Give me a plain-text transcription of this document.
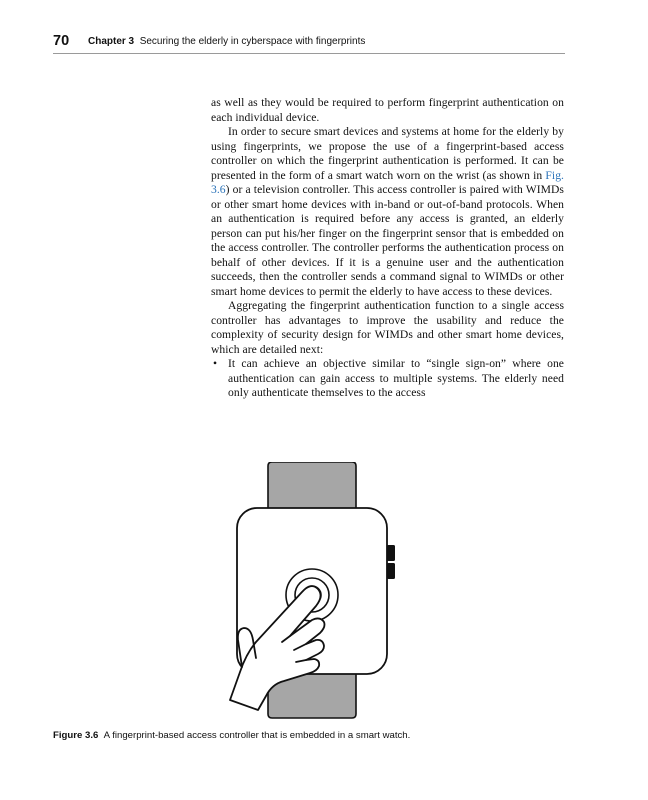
70 Chapter 3 Securing the elderly in cyberspace with fingerprints

as well as they would be required to perform fingerprint authentication on each individual device.

In order to secure smart devices and systems at home for the elderly by using fingerprints, we propose the use of a fingerprint-based access controller on which the fingerprint authentication is performed. It can be presented in the form of a smart watch worn on the wrist (as shown in Fig. 3.6) or a television controller. This access controller is paired with WIMDs or other smart home devices with in-band or out-of-band protocols. When an authentication is required before any access is granted, an elderly person can put his/her finger on the fingerprint sensor that is embedded on the access controller. The controller performs the authentication process on behalf of other devices. If it is a genuine user and the authentication succeeds, then the controller sends a command signal to WIMDs or other smart home devices to permit the elderly to have access to these devices.

Aggregating the fingerprint authentication function to a single access controller has advantages to improve the usability and reduce the complexity of security design for WIMDs and other smart home devices, which are detailed next:

• It can achieve an objective similar to “single sign-on” where one authentication can gain access to multiple systems. The elderly need only authenticate themselves to the access
Figure 3.6 A fingerprint-based access controller that is embedded in a smart watch.
